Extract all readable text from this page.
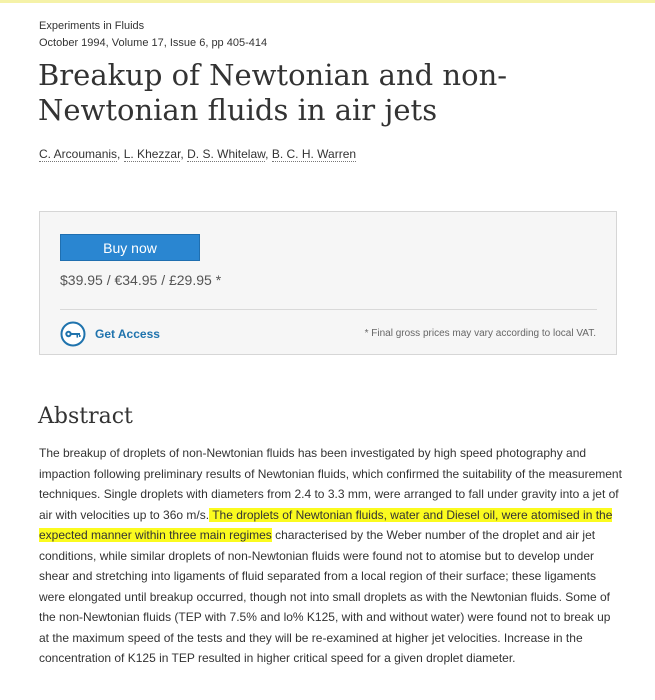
Experiments in Fluids
October 1994, Volume 17, Issue 6, pp 405-414
Breakup of Newtonian and non-
Newtonian fluids in air jets
C. Arcoumanis, L. Khezzar, D. S. Whitelaw, B. C. H. Warren
Buy now
$39.95 / €34.95 / £29.95 *
Get Access	* Final gross prices may vary according to local VAT.
Abstract

The breakup of droplets of non-Newtonian fluids has been investigated by high speed photography and impaction following preliminary results of Newtonian fluids, which confirmed the suitability of the measurement techniques. Single droplets with diameters from 2.4 to 3.3 mm, were arranged to fall under gravity into a jet of air with velocities up to 36o m/s. The droplets of Newtonian fluids, water and Diesel oil, were atomised in the expected manner within three main regimes characterised by the Weber number of the droplet and air jet conditions, while similar droplets of non-Newtonian fluids were found not to atomise but to develop under shear and stretching into ligaments of fluid separated from a local region of their surface; these ligaments were elongated until breakup occurred, though not into small droplets as with the Newtonian fluids. Some of the non-Newtonian fluids (TEP with 7.5% and lo% K125, with and without water) were found not to break up at the maximum speed of the tests and they will be re-examined at higher jet velocities. Increase in the concentration of K125 in TEP resulted in higher critical speed for a given droplet diameter.
